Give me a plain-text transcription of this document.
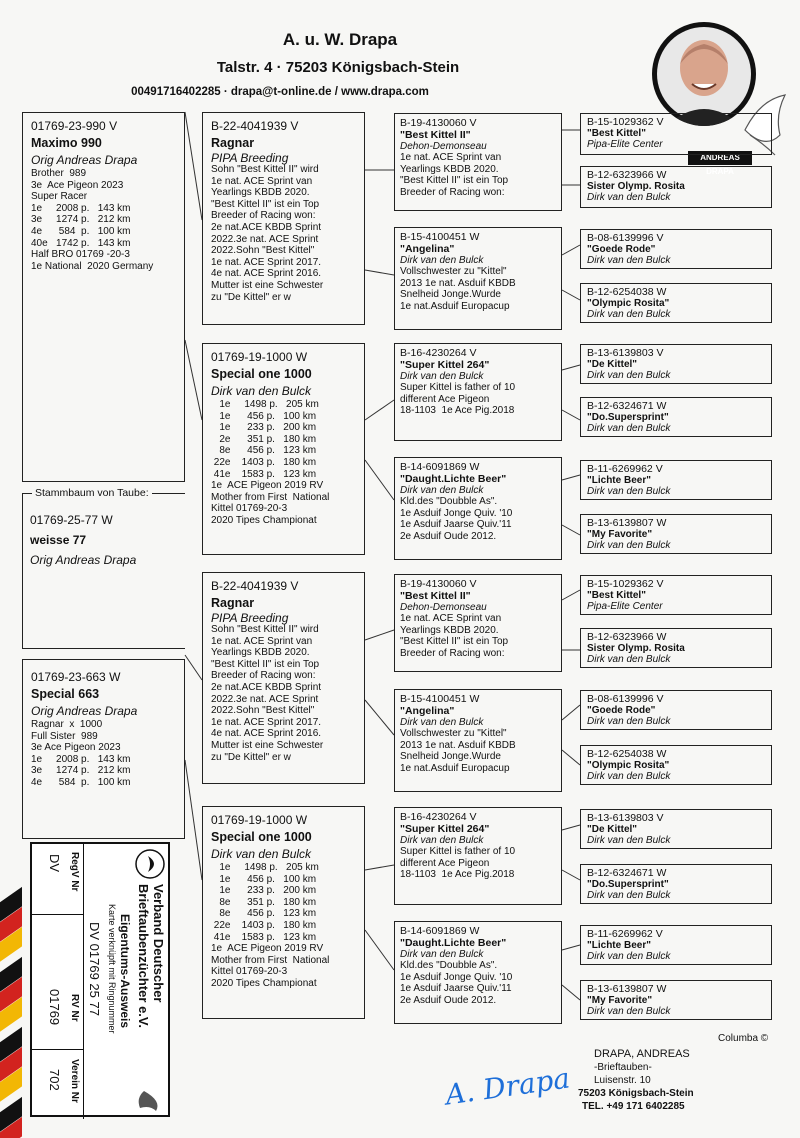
A. u. W. Drapa
Talstr. 4 · 75203 Königsbach-Stein
00491716402285 · drapa@t-online.de / www.drapa.com
ANDREAS DRAPA
01769-23-990 V
Maximo 990
Orig Andreas Drapa
Brother  989
3e  Ace Pigeon 2023
Super Racer
1e     2008 p.   143 km
3e     1274 p.   212 km
4e      584  p.   100 km
40e   1742 p.   143 km
Half BRO 01769 -20-3
1e National  2020 Germany
Stammbaum von Taube:
01769-25-77 W
weisse 77
Orig Andreas Drapa
01769-23-663 W
Special 663
Orig Andreas Drapa
Ragnar  x  1000
Full Sister  989
3e Ace Pigeon 2023
1e     2008 p.   143 km
3e     1274 p.   212 km
4e      584  p.   100 km
B-22-4041939 V
Ragnar
PIPA Breeding
Sohn "Best Kittel II" wird
1e nat. ACE Sprint van
Yearlings KBDB 2020.
"Best Kittel II" ist ein Top
Breeder of Racing won:
2e nat.ACE KBDB Sprint
2022.3e nat. ACE Sprint
2022.Sohn "Best Kittel"
1e nat. ACE Sprint 2017.
4e nat. ACE Sprint 2016.
Mutter ist eine Schwester
zu "De Kittel" er w
01769-19-1000 W
Special one 1000
Dirk van den Bulck
1e     1498 p.   205 km
1e      456 p.   100 km
1e      233 p.   200 km
2e      351 p.   180 km
8e      456 p.   123 km
22e    1403 p.   180 km
41e    1583 p.   123 km
1e  ACE Pigeon 2019 RV
Mother from First  National
Kittel 01769-20-3
2020 Tipes Championat
B-22-4041939 V
Ragnar
PIPA Breeding
Sohn "Best Kittel II" wird
1e nat. ACE Sprint van
Yearlings KBDB 2020.
"Best Kittel II" ist ein Top
Breeder of Racing won:
2e nat.ACE KBDB Sprint
2022.3e nat. ACE Sprint
2022.Sohn "Best Kittel"
1e nat. ACE Sprint 2017.
4e nat. ACE Sprint 2016.
Mutter ist eine Schwester
zu "De Kittel" er w
01769-19-1000 W
Special one 1000
Dirk van den Bulck
1e     1498 p.   205 km
1e      456 p.   100 km
1e      233 p.   200 km
8e      351 p.   180 km
8e      456 p.   123 km
22e    1403 p.   180 km
41e    1583 p.   123 km
1e  ACE Pigeon 2019 RV
Mother from First  National
Kittel 01769-20-3
2020 Tipes Championat
B-19-4130060 V
"Best Kittel II"
Dehon-Demonseau
1e nat. ACE Sprint van
Yearlings KBDB 2020.
"Best Kittel II" ist ein Top
Breeder of Racing won:
B-15-4100451 W
"Angelina"
Dirk van den Bulck
Vollschwester zu "Kittel"
2013 1e nat. Asduif KBDB
Snelheid Jonge.Wurde
1e nat.Asduif Europacup
B-16-4230264 V
"Super Kittel 264"
Dirk van den Bulck
Super Kittel is father of 10
different Ace Pigeon
18-1103  1e Ace Pig.2018
B-14-6091869 W
"Daught.Lichte Beer"
Dirk van den Bulck
Kld.des "Doubble As".
1e Asduif Jonge Quiv. '10
1e Asduif Jaarse Quiv.'11
2e Asduif Oude 2012.
B-19-4130060 V
"Best Kittel II"
Dehon-Demonseau
1e nat. ACE Sprint van
Yearlings KBDB 2020.
"Best Kittel II" ist ein Top
Breeder of Racing won:
B-15-4100451 W
"Angelina"
Dirk van den Bulck
Vollschwester zu "Kittel"
2013 1e nat. Asduif KBDB
Snelheid Jonge.Wurde
1e nat.Asduif Europacup
B-16-4230264 V
"Super Kittel 264"
Dirk van den Bulck
Super Kittel is father of 10
different Ace Pigeon
18-1103  1e Ace Pig.2018
B-14-6091869 W
"Daught.Lichte Beer"
Dirk van den Bulck
Kld.des "Doubble As".
1e Asduif Jonge Quiv. '10
1e Asduif Jaarse Quiv.'11
2e Asduif Oude 2012.
B-15-1029362 V
"Best Kittel"
Pipa-Elite Center
B-12-6323966 W
Sister Olymp. Rosita
Dirk van den Bulck
B-08-6139996 V
"Goede Rode"
Dirk van den Bulck
B-12-6254038 W
"Olympic Rosita"
Dirk van den Bulck
B-13-6139803 V
"De Kittel"
Dirk van den Bulck
B-12-6324671 W
"Do.Supersprint"
Dirk van den Bulck
B-11-6269962 V
"Lichte Beer"
Dirk van den Bulck
B-13-6139807 W
"My Favorite"
Dirk van den Bulck
B-15-1029362 V
"Best Kittel"
Pipa-Elite Center
B-12-6323966 W
Sister Olymp. Rosita
Dirk van den Bulck
B-08-6139996 V
"Goede Rode"
Dirk van den Bulck
B-12-6254038 W
"Olympic Rosita"
Dirk van den Bulck
B-13-6139803 V
"De Kittel"
Dirk van den Bulck
B-12-6324671 W
"Do.Supersprint"
Dirk van den Bulck
B-11-6269962 V
"Lichte Beer"
Dirk van den Bulck
B-13-6139807 W
"My Favorite"
Dirk van den Bulck
Verband Deutscher
Brieftaubenzüchter e.V.
Eigentums-Ausweis
Karte verknüpft mit Ringnummer
DV 01769 25 77
RegV Nr
DV
RV Nr
01769
Verein Nr
702
Columba ©
DRAPA, ANDREAS
-Brieftauben-
Luisenstr. 10
75203 Königsbach-Stein
TEL. +49 171 6402285
A. Drapa
